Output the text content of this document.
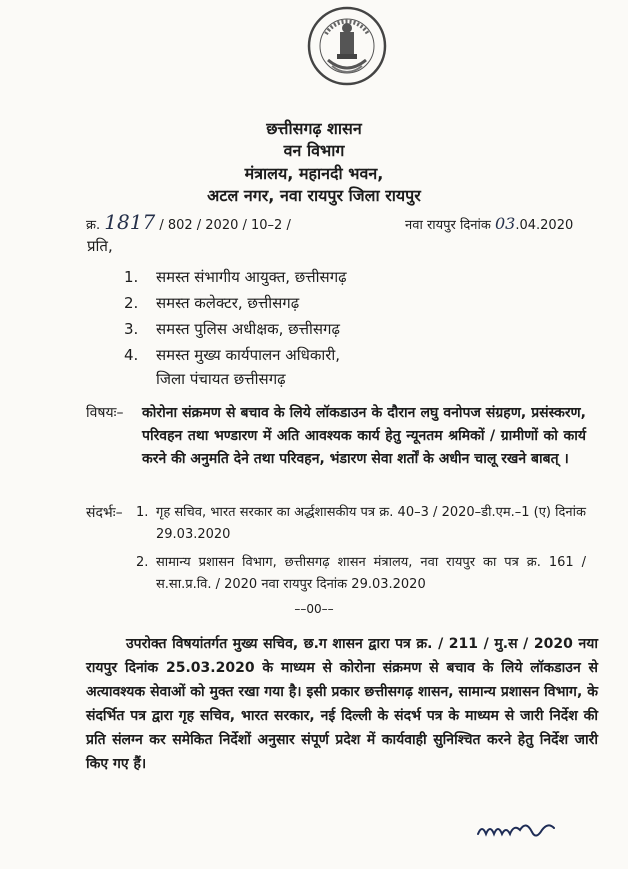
छत्तीसगढ़ शासन
वन विभाग
मंत्रालय, महानदी भवन,
अटल नगर, नवा रायपुर जिला रायपुर
क्र. 1817 / 802 / 2020 / 10–2 /	नवा रायपुर दिनांक 03.04.2020
प्रति,
1. समस्त संभागीय आयुक्त, छत्तीसगढ़
2. समस्त कलेक्टर, छत्तीसगढ़
3. समस्त पुलिस अधीक्षक, छत्तीसगढ़
4. समस्त मुख्य कार्यपालन अधिकारी,
जिला पंचायत छत्तीसगढ़
विषयः– कोरोना संक्रमण से बचाव के लिये लॉकडाउन के दौरान लघु वनोपज संग्रहण, प्रसंस्करण, परिवहन तथा भण्डारण में अति आवश्यक कार्य हेतु न्यूनतम श्रमिकों / ग्रामीणों को कार्य करने की अनुमति देने तथा परिवहन, भंडारण सेवा शर्तों के अधीन चालू रखने बाबत् ।
संदर्भः– 1. गृह सचिव, भारत सरकार का अर्द्धशासकीय पत्र क्र. 40–3 / 2020–डी.एम.–1 (ए) दिनांक 29.03.2020
2. सामान्य प्रशासन विभाग, छत्तीसगढ़ शासन मंत्रालय, नवा रायपुर का पत्र क्र. 161 / स.सा.प्र.वि. / 2020 नवा रायपुर दिनांक 29.03.2020
––00––
उपरोक्त विषयांतर्गत मुख्य सचिव, छ.ग शासन द्वारा पत्र क्र. / 211 / मु.स / 2020 नया रायपुर दिनांक 25.03.2020 के माध्यम से कोरोना संक्रमण से बचाव के लिये लॉकडाउन से अत्यावश्यक सेवाओं को मुक्त रखा गया है। इसी प्रकार छत्तीसगढ़ शासन, सामान्य प्रशासन विभाग, के संदर्भित पत्र द्वारा गृह सचिव, भारत सरकार, नई दिल्ली के संदर्भ पत्र के माध्यम से जारी निर्देश की प्रति संलग्न कर समेकित निर्देशों अनुसार संपूर्ण प्रदेश में कार्यवाही सुनिश्चित करने हेतु निर्देश जारी किए गए हैं।
